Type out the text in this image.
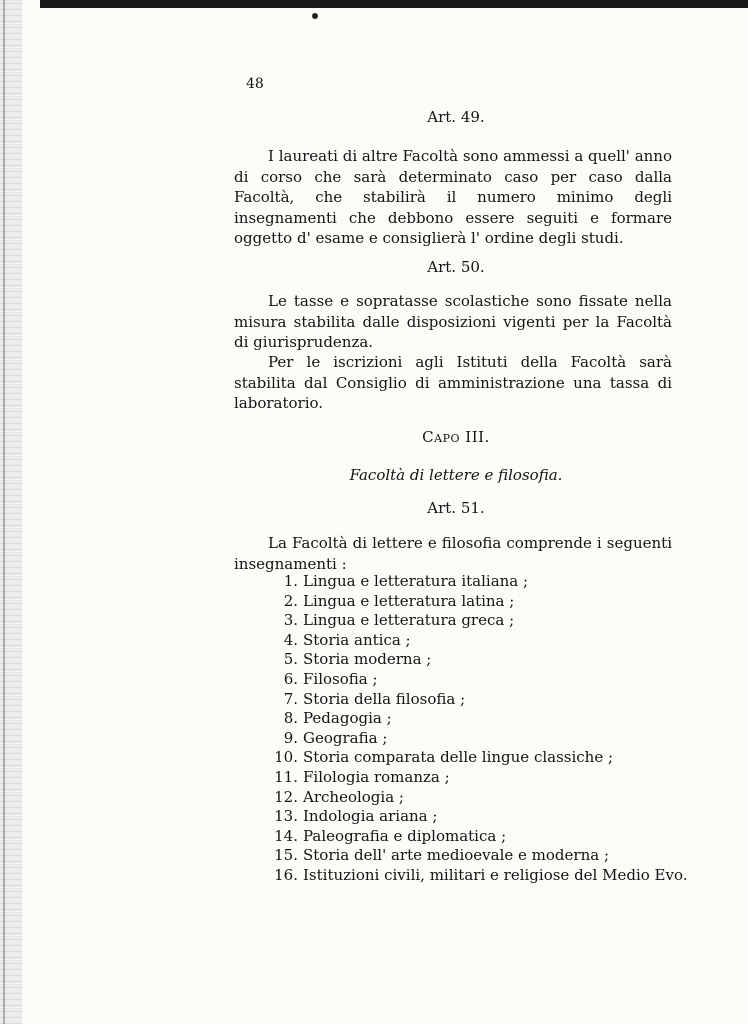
48
Art. 49.

I laureati di altre Facoltà sono ammessi a quell' anno di corso che sarà determinato caso per caso dalla Facoltà, che stabilirà il numero minimo degli insegnamenti che debbono essere seguiti e formare oggetto d' esame e consiglierà l' ordine degli studi.

Art. 50.

Le tasse e sopratasse scolastiche sono fissate nella misura stabilita dalle disposizioni vigenti per la Facoltà di giurisprudenza.

Per le iscrizioni agli Istituti della Facoltà sarà stabilita dal Consiglio di amministrazione una tassa di laboratorio.

Capo III.
Facoltà di lettere e filosofia.
Art. 51.

La Facoltà di lettere e filosofia comprende i seguenti insegnamenti :

1. Lingua e letteratura italiana ;
2. Lingua e letteratura latina ;
3. Lingua e letteratura greca ;
4. Storia antica ;
5. Storia moderna ;
6. Filosofia ;
7. Storia della filosofia ;
8. Pedagogia ;
9. Geografia ;
10. Storia comparata delle lingue classiche ;
11. Filologia romanza ;
12. Archeologia ;
13. Indologia ariana ;
14. Paleografia e diplomatica ;
15. Storia dell' arte medioevale e moderna ;
16. Istituzioni civili, militari e religiose del Medio Evo.
